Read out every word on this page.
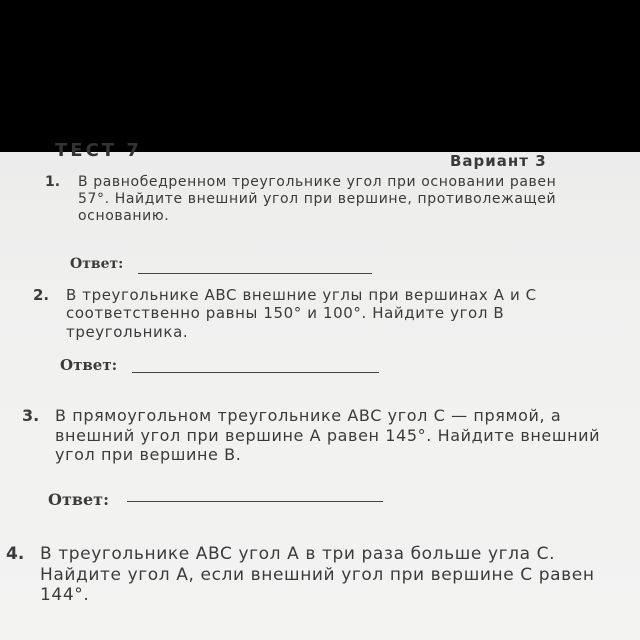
ТЕСТ 7	Вариант 3
1. В равнобедренном треугольнике угол при основании равен 57°. Найдите внешний угол при вершине, противолежащей основанию.
Ответ:
2. В треугольнике ABC внешние углы при вершинах A и C соответственно равны 150° и 100°. Найдите угол B треугольника.
Ответ:
3. В прямоугольном треугольнике ABC угол C — прямой, а внешний угол при вершине A равен 145°. Найдите внешний угол при вершине B.
Ответ:
4. В треугольнике ABC угол A в три раза больше угла C. Найдите угол A, если внешний угол при вершине C равен 144°.
